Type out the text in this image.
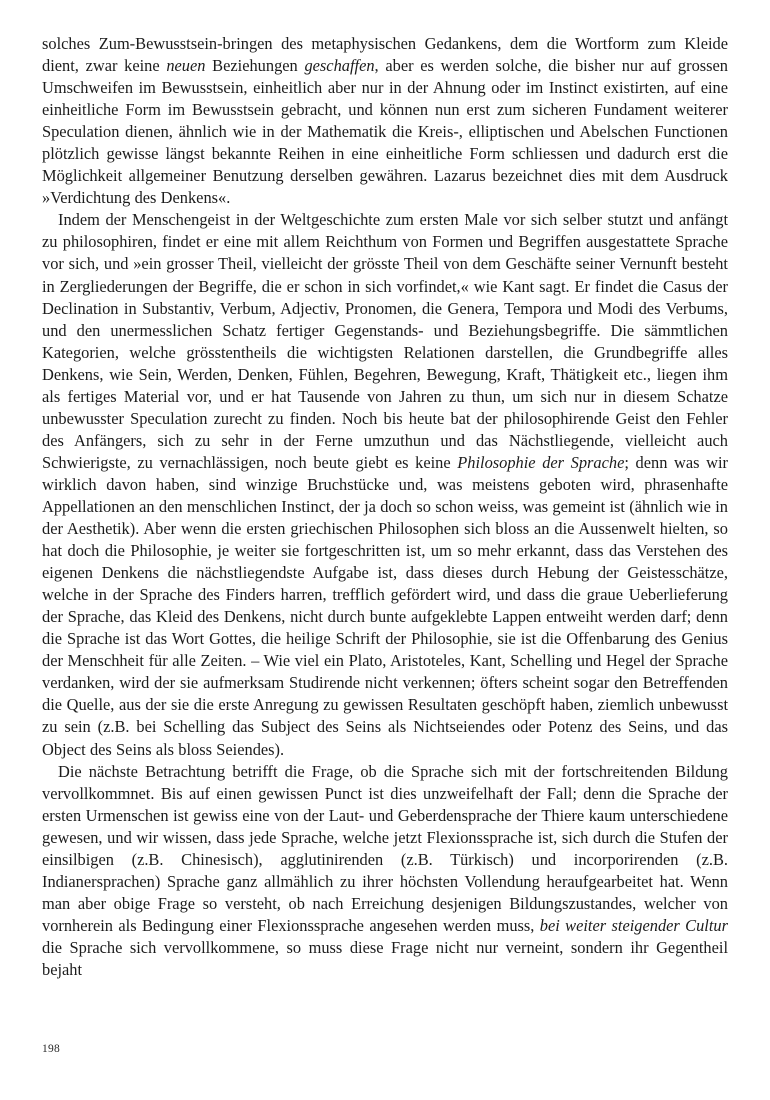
solches Zum-Bewusstsein-bringen des metaphysischen Gedankens, dem die Wortform zum Kleide dient, zwar keine neuen Beziehungen geschaffen, aber es werden solche, die bisher nur auf grossen Umschweifen im Bewusstsein, einheitlich aber nur in der Ahnung oder im Instinct existirten, auf eine einheitliche Form im Bewusstsein gebracht, und können nun erst zum sicheren Fundament weiterer Speculation dienen, ähnlich wie in der Mathematik die Kreis-, elliptischen und Abelschen Functionen plötzlich gewisse längst bekannte Reihen in eine einheitliche Form schliessen und dadurch erst die Möglichkeit allgemeiner Benutzung derselben gewähren. Lazarus bezeichnet dies mit dem Ausdruck »Verdichtung des Denkens«.

Indem der Menschengeist in der Weltgeschichte zum ersten Male vor sich selber stutzt und anfängt zu philosophiren, findet er eine mit allem Reichthum von Formen und Begriffen ausgestattete Sprache vor sich, und »ein grosser Theil, vielleicht der grösste Theil von dem Geschäfte seiner Vernunft besteht in Zergliederungen der Begriffe, die er schon in sich vorfindet,« wie Kant sagt. Er findet die Casus der Declination in Substantiv, Verbum, Adjectiv, Pronomen, die Genera, Tempora und Modi des Verbums, und den unermesslichen Schatz fertiger Gegenstands- und Beziehungsbegriffe. Die sämmtlichen Kategorien, welche grösstentheils die wichtigsten Relationen darstellen, die Grundbegriffe alles Denkens, wie Sein, Werden, Denken, Fühlen, Begehren, Bewegung, Kraft, Thätigkeit etc., liegen ihm als fertiges Material vor, und er hat Tausende von Jahren zu thun, um sich nur in diesem Schatze unbewusster Speculation zurecht zu finden. Noch bis heute bat der philosophirende Geist den Fehler des Anfängers, sich zu sehr in der Ferne umzuthun und das Nächstliegende, vielleicht auch Schwierigste, zu vernachlässigen, noch beute giebt es keine Philosophie der Sprache; denn was wir wirklich davon haben, sind winzige Bruchstücke und, was meistens geboten wird, phrasenhafte Appellationen an den menschlichen Instinct, der ja doch so schon weiss, was gemeint ist (ähnlich wie in der Aesthetik). Aber wenn die ersten griechischen Philosophen sich bloss an die Aussenwelt hielten, so hat doch die Philosophie, je weiter sie fortgeschritten ist, um so mehr erkannt, dass das Verstehen des eigenen Denkens die nächstliegendste Aufgabe ist, dass dieses durch Hebung der Geistesschätze, welche in der Sprache des Finders harren, trefflich gefördert wird, und dass die graue Ueberlieferung der Sprache, das Kleid des Denkens, nicht durch bunte aufgeklebte Lappen entweiht werden darf; denn die Sprache ist das Wort Gottes, die heilige Schrift der Philosophie, sie ist die Offenbarung des Genius der Menschheit für alle Zeiten. – Wie viel ein Plato, Aristoteles, Kant, Schelling und Hegel der Sprache verdanken, wird der sie aufmerksam Studirende nicht verkennen; öfters scheint sogar den Betreffenden die Quelle, aus der sie die erste Anregung zu gewissen Resultaten geschöpft haben, ziemlich unbewusst zu sein (z.B. bei Schelling das Subject des Seins als Nichtseiendes oder Potenz des Seins, und das Object des Seins als bloss Seiendes).

Die nächste Betrachtung betrifft die Frage, ob die Sprache sich mit der fortschreitenden Bildung vervollkommnet. Bis auf einen gewissen Punct ist dies unzweifelhaft der Fall; denn die Sprache der ersten Urmenschen ist gewiss eine von der Laut- und Geberdensprache der Thiere kaum unterschiedene gewesen, und wir wissen, dass jede Sprache, welche jetzt Flexionssprache ist, sich durch die Stufen der einsilbigen (z.B. Chinesisch), agglutinirenden (z.B. Türkisch) und incorporirenden (z.B. Indianersprachen) Sprache ganz allmählich zu ihrer höchsten Vollendung heraufgearbeitet hat. Wenn man aber obige Frage so versteht, ob nach Erreichung desjenigen Bildungszustandes, welcher von vornherein als Bedingung einer Flexionssprache angesehen werden muss, bei weiter steigender Cultur die Sprache sich vervollkommene, so muss diese Frage nicht nur verneint, sondern ihr Gegentheil bejaht

198
